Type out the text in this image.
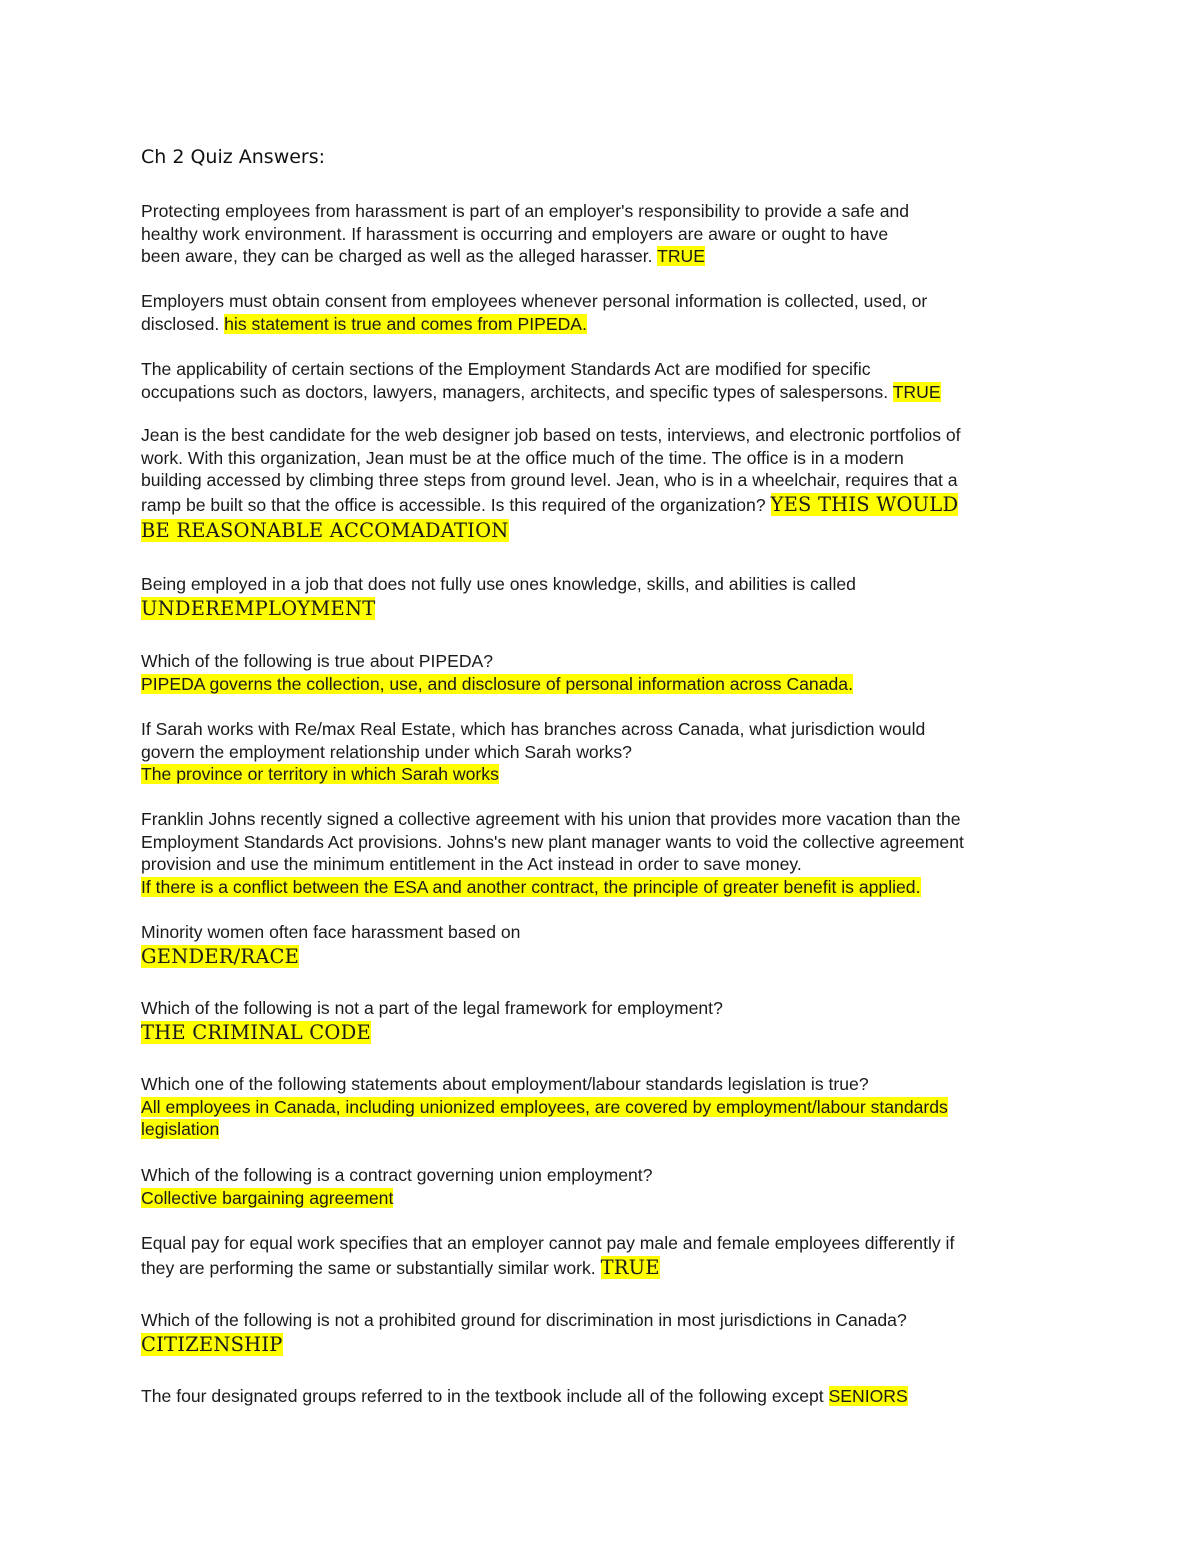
Ch 2 Quiz Answers:

Protecting employees from harassment is part of an employer's responsibility to provide a safe and
healthy work environment. If harassment is occurring and employers are aware or ought to have
been aware, they can be charged as well as the alleged harasser. TRUE

Employers must obtain consent from employees whenever personal information is collected, used, or
disclosed. his statement is true and comes from PIPEDA.

The applicability of certain sections of the Employment Standards Act are modified for specific
occupations such as doctors, lawyers, managers, architects, and specific types of salespersons. TRUE

Jean is the best candidate for the web designer job based on tests, interviews, and electronic portfolios of
work. With this organization, Jean must be at the office much of the time. The office is in a modern
building accessed by climbing three steps from ground level. Jean, who is in a wheelchair, requires that a
ramp be built so that the office is accessible. Is this required of the organization? YES THIS WOULD
BE REASONABLE ACCOMADATION

Being employed in a job that does not fully use ones knowledge, skills, and abilities is called
UNDEREMPLOYMENT

Which of the following is true about PIPEDA?
PIPEDA governs the collection, use, and disclosure of personal information across Canada.

If Sarah works with Re/max Real Estate, which has branches across Canada, what jurisdiction would
govern the employment relationship under which Sarah works?
The province or territory in which Sarah works

Franklin Johns recently signed a collective agreement with his union that provides more vacation than the
Employment Standards Act provisions. Johns's new plant manager wants to void the collective agreement
provision and use the minimum entitlement in the Act instead in order to save money.
If there is a conflict between the ESA and another contract, the principle of greater benefit is applied.

Minority women often face harassment based on
GENDER/RACE

Which of the following is not a part of the legal framework for employment?
THE CRIMINAL CODE

Which one of the following statements about employment/labour standards legislation is true?
All employees in Canada, including unionized employees, are covered by employment/labour standards
legislation

Which of the following is a contract governing union employment?
Collective bargaining agreement

Equal pay for equal work specifies that an employer cannot pay male and female employees differently if
they are performing the same or substantially similar work. TRUE

Which of the following is not a prohibited ground for discrimination in most jurisdictions in Canada?
CITIZENSHIP

The four designated groups referred to in the textbook include all of the following except SENIORS
